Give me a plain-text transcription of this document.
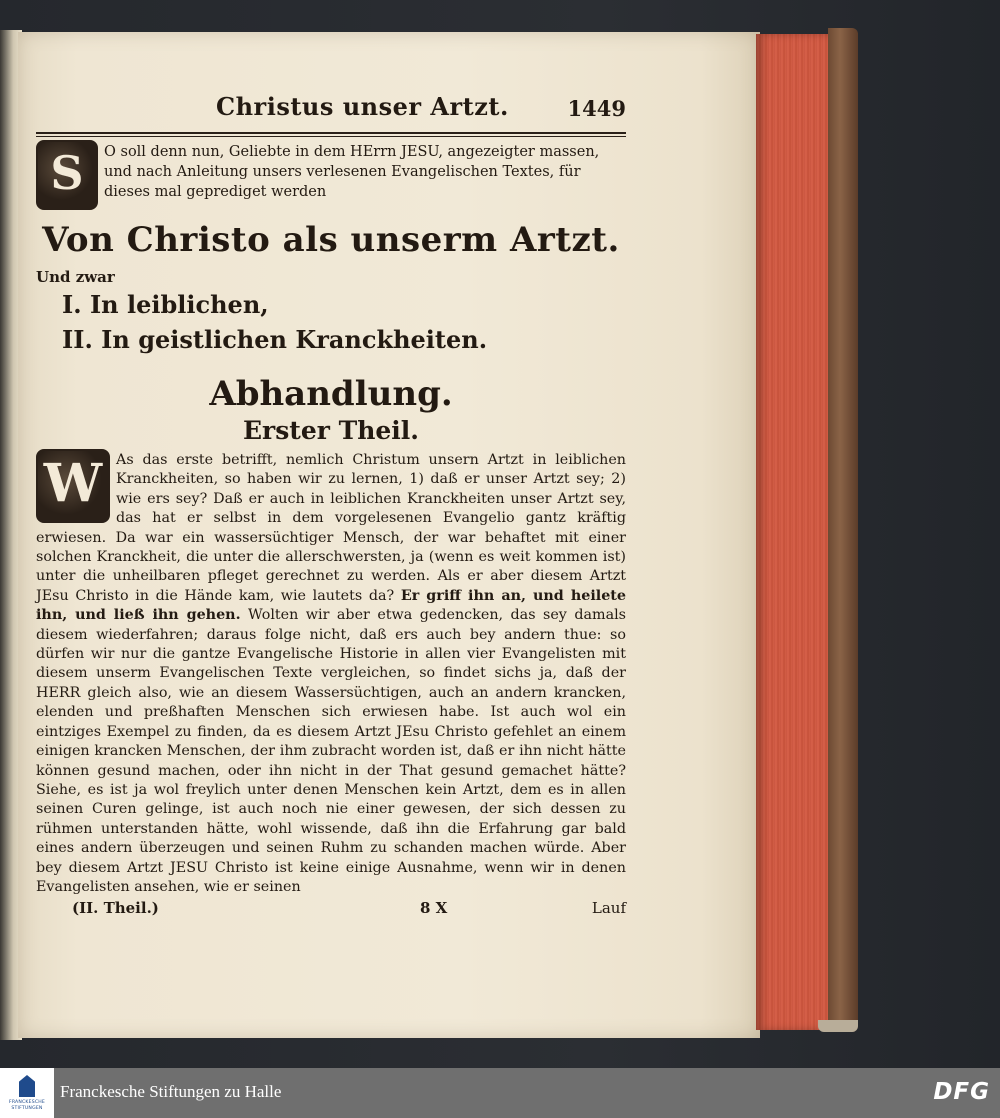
Christus unser Artzt.	1449
S	O soll denn nun, Geliebte in dem HErrn JESU, angezeigter massen, und nach Anleitung unsers verlesenen Evangelischen Textes, für dieses mal geprediget werden
Von Christo als unserm Artzt.
Und zwar
I. In leiblichen,
II. In geistlichen Kranckheiten.
Abhandlung.
Erster Theil.
W As das erste betrifft, nemlich Christum unsern Artzt in leiblichen Kranckheiten, so haben wir zu lernen, 1) daß er unser Artzt sey; 2) wie ers sey? Daß er auch in leiblichen Kranckheiten unser Artzt sey, das hat er selbst in dem vorgelesenen Evangelio gantz kräftig erwiesen. Da war ein wassersüchtiger Mensch, der war behaftet mit einer solchen Kranckheit, die unter die allerschwersten, ja (wenn es weit kommen ist) unter die unheilbaren pfleget gerechnet zu werden. Als er aber diesem Artzt JEsu Christo in die Hände kam, wie lautets da? Er griff ihn an, und heilete ihn, und ließ ihn gehen. Wolten wir aber etwa gedencken, das sey damals diesem wiederfahren; daraus folge nicht, daß ers auch bey andern thue: so dürfen wir nur die gantze Evangelische Historie in allen vier Evangelisten mit diesem unserm Evangelischen Texte vergleichen, so findet sichs ja, daß der HERR gleich also, wie an diesem Wassersüchtigen, auch an andern krancken, elenden und preßhaften Menschen sich erwiesen habe. Ist auch wol ein eintziges Exempel zu finden, da es diesem Artzt JEsu Christo gefehlet an einem einigen krancken Menschen, der ihm zubracht worden ist, daß er ihn nicht hätte können gesund machen, oder ihn nicht in der That gesund gemachet hätte? Siehe, es ist ja wol freylich unter denen Menschen kein Artzt, dem es in allen seinen Curen gelinge, ist auch noch nie einer gewesen, der sich dessen zu rühmen unterstanden hätte, wohl wissende, daß ihn die Erfahrung gar bald eines andern überzeugen und seinen Ruhm zu schanden machen würde. Aber bey diesem Artzt JESU Christo ist keine einige Ausnahme, wenn wir in denen Evangelisten ansehen, wie er seinen
(II. Theil.)	8 X	Lauf
FRANCKESCHE STIFTUNGEN
Franckesche Stiftungen zu Halle	DFG
